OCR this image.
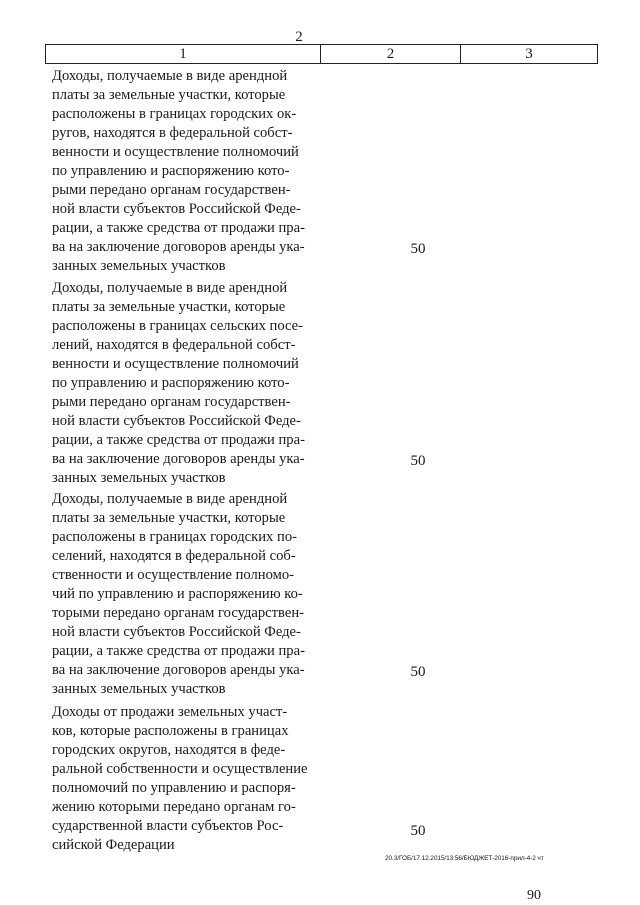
2
1	2	3
Доходы, получаемые в виде арендной
платы за земельные участки, которые
расположены в границах городских ок-
ругов, находятся в федеральной собст-
венности и осуществление полномочий
по управлению и распоряжению кото-
рыми передано органам государствен-
ной власти субъектов Российской Феде-
рации, а также средства от продажи пра-
ва на заключение договоров аренды ука-
занных земельных участков
50
Доходы, получаемые в виде арендной
платы за земельные участки, которые
расположены в границах сельских посе-
лений, находятся в федеральной собст-
венности и осуществление полномочий
по управлению и распоряжению кото-
рыми передано органам государствен-
ной власти субъектов Российской Феде-
рации, а также средства от продажи пра-
ва на заключение договоров аренды ука-
занных земельных участков
50
Доходы, получаемые в виде арендной
платы за земельные участки, которые
расположены в границах городских по-
селений, находятся в федеральной соб-
ственности и осуществление полномо-
чий по управлению и распоряжению ко-
торыми передано органам государствен-
ной власти субъектов Российской Феде-
рации, а также средства от продажи пра-
ва на заключение договоров аренды ука-
занных земельных участков
50
Доходы от продажи земельных участ-
ков, которые расположены в границах
городских округов, находятся в феде-
ральной собственности и осуществление
полномочий по управлению и распоря-
жению которыми передано органам го-
сударственной власти субъектов Рос-
сийской Федерации
50
20.3/ГОБ/17.12.2015/13:56/БЮДЖЕТ-2016-прил-4-2 чт
90
